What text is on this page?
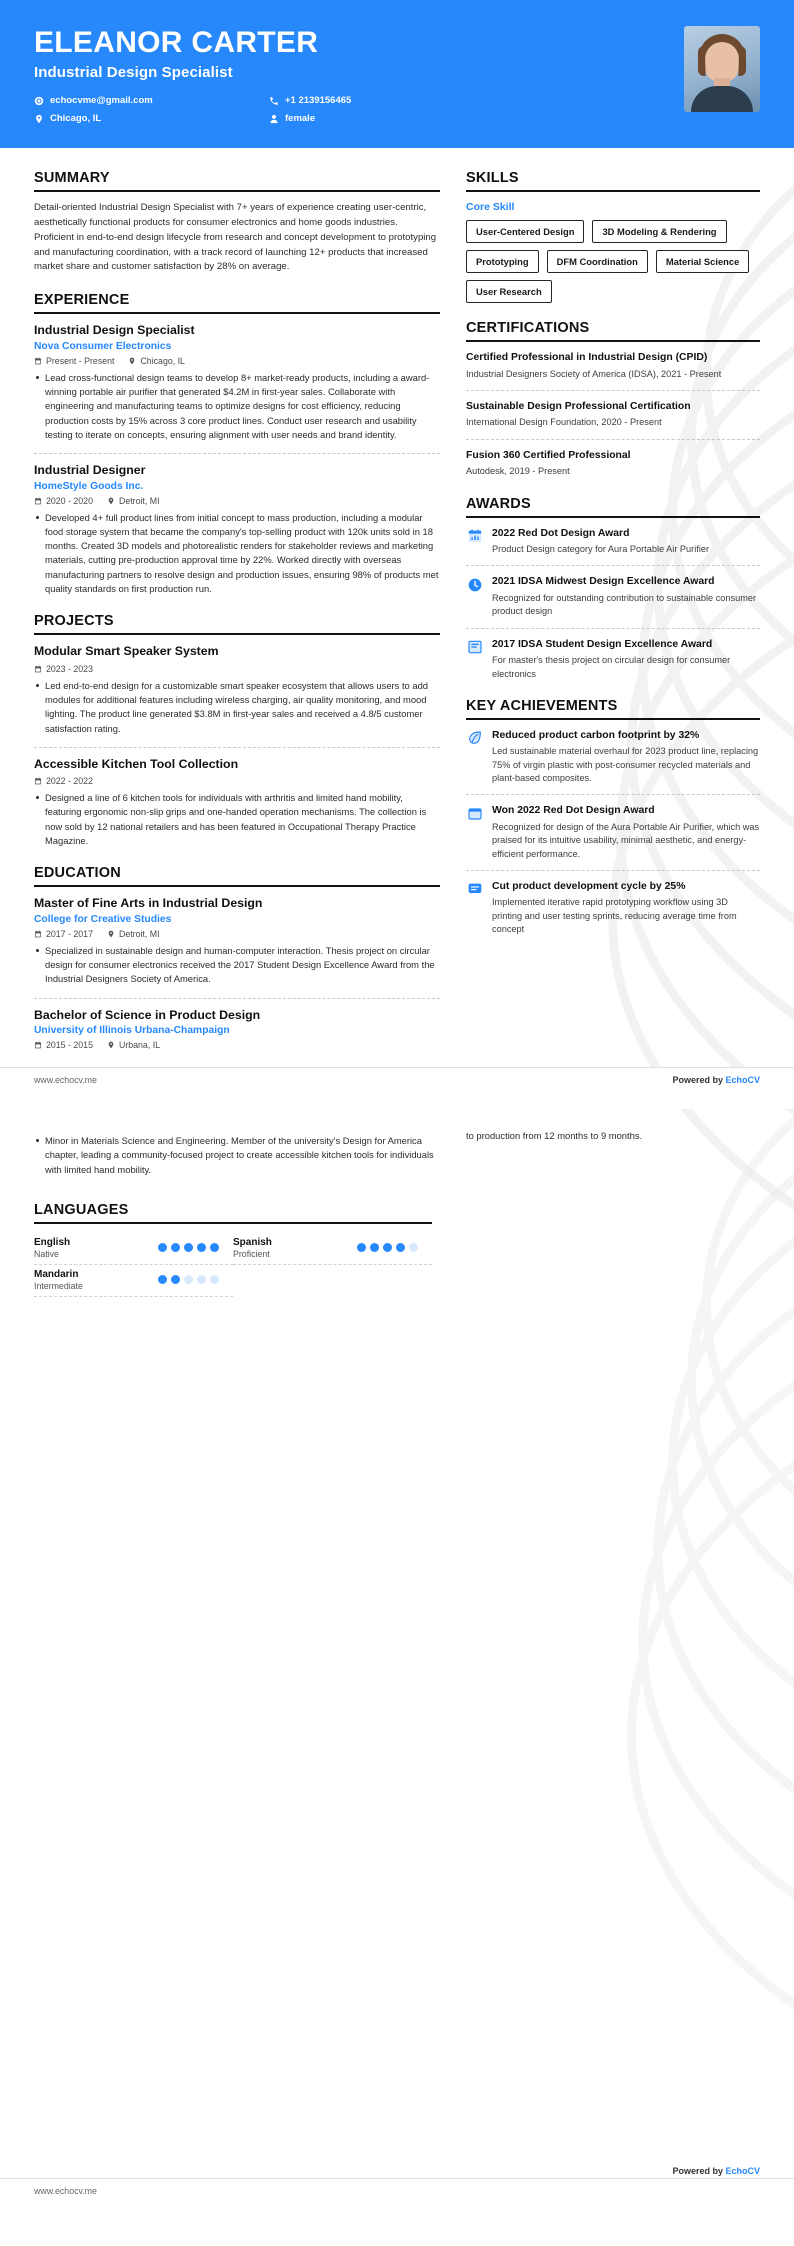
ELEANOR CARTER
Industrial Design Specialist
echocvme@gmail.com	+1 2139156465
Chicago, IL	female
SUMMARY
Detail-oriented Industrial Design Specialist with 7+ years of experience creating user-centric, aesthetically functional products for consumer electronics and home goods industries. Proficient in end-to-end design lifecycle from research and concept development to prototyping and manufacturing coordination, with a track record of launching 12+ products that increased market share and customer satisfaction by 28% on average.
EXPERIENCE
Industrial Design Specialist
Nova Consumer Electronics
Present - Present	Chicago, IL
Lead cross-functional design teams to develop 8+ market-ready products, including a award-winning portable air purifier that generated $4.2M in first-year sales. Collaborate with engineering and manufacturing teams to optimize designs for cost efficiency, reducing production costs by 15% across 3 core product lines. Conduct user research and usability testing to iterate on concepts, ensuring alignment with user needs and brand identity.
Industrial Designer
HomeStyle Goods Inc.
2020 - 2020	Detroit, MI
Developed 4+ full product lines from initial concept to mass production, including a modular food storage system that became the company's top-selling product with 120k units sold in 18 months. Created 3D models and photorealistic renders for stakeholder reviews and marketing materials, cutting pre-production approval time by 22%. Worked directly with overseas manufacturing partners to resolve design and production issues, ensuring 98% of products met quality standards on first production run.
PROJECTS
Modular Smart Speaker System
2023 - 2023
Led end-to-end design for a customizable smart speaker ecosystem that allows users to add modules for additional features including wireless charging, air quality monitoring, and mood lighting. The product line generated $3.8M in first-year sales and received a 4.8/5 customer satisfaction rating.
Accessible Kitchen Tool Collection
2022 - 2022
Designed a line of 6 kitchen tools for individuals with arthritis and limited hand mobility, featuring ergonomic non-slip grips and one-handed operation mechanisms. The collection is now sold by 12 national retailers and has been featured in Occupational Therapy Practice Magazine.
EDUCATION
Master of Fine Arts in Industrial Design
College for Creative Studies
2017 - 2017	Detroit, MI
Specialized in sustainable design and human-computer interaction. Thesis project on circular design for consumer electronics received the 2017 Student Design Excellence Award from the Industrial Designers Society of America.
Bachelor of Science in Product Design
University of Illinois Urbana-Champaign
2015 - 2015	Urbana, IL
SKILLS
Core Skill
User-Centered Design	3D Modeling & Rendering
Prototyping	DFM Coordination	Material Science
User Research
CERTIFICATIONS
Certified Professional in Industrial Design (CPID)
Industrial Designers Society of America (IDSA), 2021 - Present
Sustainable Design Professional Certification
International Design Foundation, 2020 - Present
Fusion 360 Certified Professional
Autodesk, 2019 - Present
AWARDS
2022 Red Dot Design Award
Product Design category for Aura Portable Air Purifier
2021 IDSA Midwest Design Excellence Award
Recognized for outstanding contribution to sustainable consumer product design
2017 IDSA Student Design Excellence Award
For master's thesis project on circular design for consumer electronics
KEY ACHIEVEMENTS
Reduced product carbon footprint by 32%
Led sustainable material overhaul for 2023 product line, replacing 75% of virgin plastic with post-consumer recycled materials and plant-based composites.
Won 2022 Red Dot Design Award
Recognized for design of the Aura Portable Air Purifier, which was praised for its intuitive usability, minimal aesthetic, and energy-efficient performance.
Cut product development cycle by 25%
Implemented iterative rapid prototyping workflow using 3D printing and user testing sprints, reducing average time from concept
www.echocv.me	Powered by EchoCV
Minor in Materials Science and Engineering. Member of the university's Design for America chapter, leading a community-focused project to create accessible kitchen tools for individuals with limited hand mobility.
to production from 12 months to 9 months.
LANGUAGES
English
Native
Spanish
Proficient
Mandarin
Intermediate
Powered by EchoCV
www.echocv.me
